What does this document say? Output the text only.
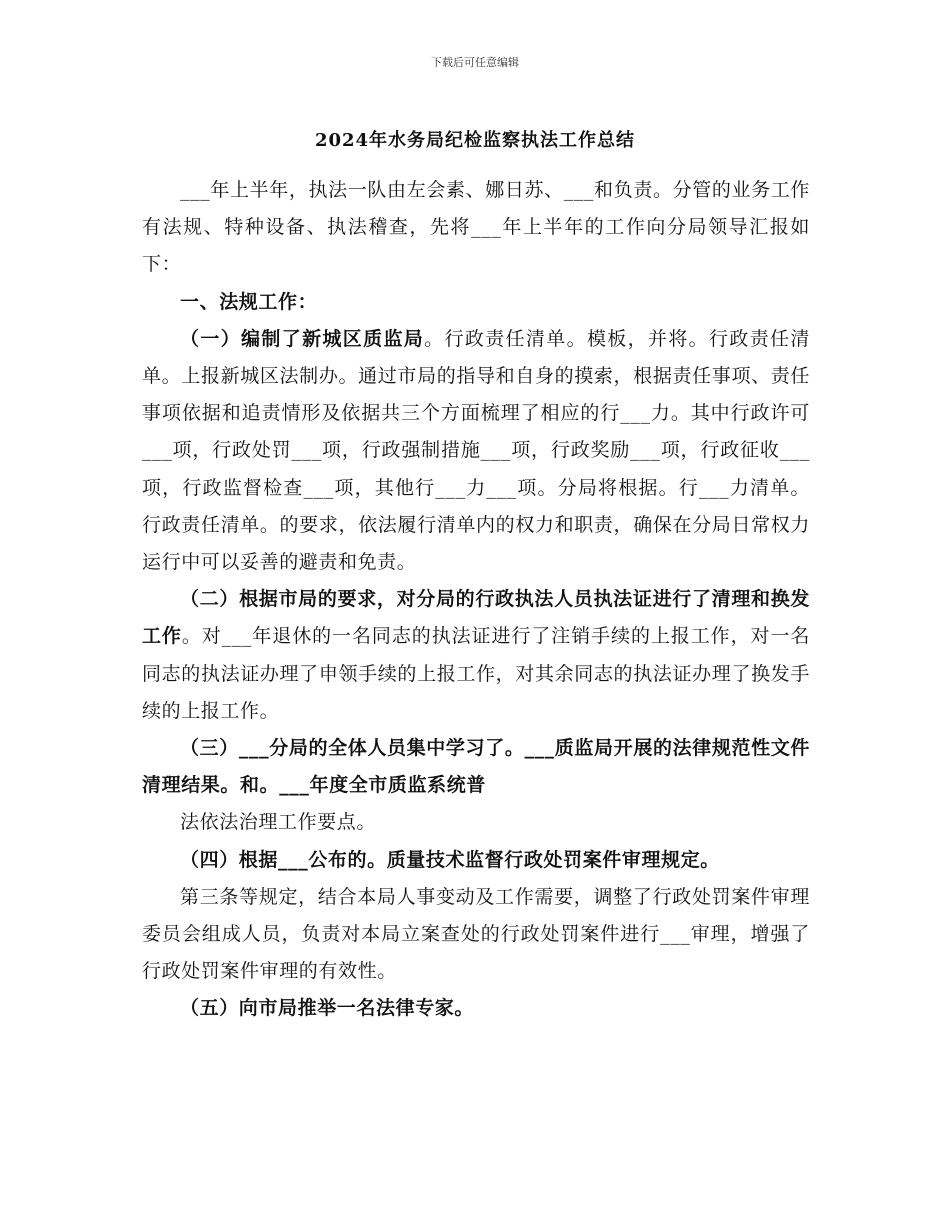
下载后可任意编辑
2024年水务局纪检监察执法工作总结

___年上半年，执法一队由左会素、娜日苏、___和负责。分管的业务工作有法规、特种设备、执法稽查，先将___年上半年的工作向分局领导汇报如下：

一、法规工作：

（一）编制了新城区质监局。行政责任清单。模板，并将。行政责任清单。上报新城区法制办。通过市局的指导和自身的摸索，根据责任事项、责任事项依据和追责情形及依据共三个方面梳理了相应的行___力。其中行政许可___项，行政处罚___项，行政强制措施___项，行政奖励___项，行政征收___项，行政监督检查___项，其他行___力___项。分局将根据。行___力清单。行政责任清单。的要求，依法履行清单内的权力和职责，确保在分局日常权力运行中可以妥善的避责和免责。

（二）根据市局的要求，对分局的行政执法人员执法证进行了清理和换发工作。对___年退休的一名同志的执法证进行了注销手续的上报工作，对一名同志的执法证办理了申领手续的上报工作，对其余同志的执法证办理了换发手续的上报工作。

（三）___分局的全体人员集中学习了。___质监局开展的法律规范性文件清理结果。和。___年度全市质监系统普

法依法治理工作要点。

（四）根据___公布的。质量技术监督行政处罚案件审理规定。

第三条等规定，结合本局人事变动及工作需要，调整了行政处罚案件审理委员会组成人员，负责对本局立案查处的行政处罚案件进行___审理，增强了行政处罚案件审理的有效性。

（五）向市局推举一名法律专家。
